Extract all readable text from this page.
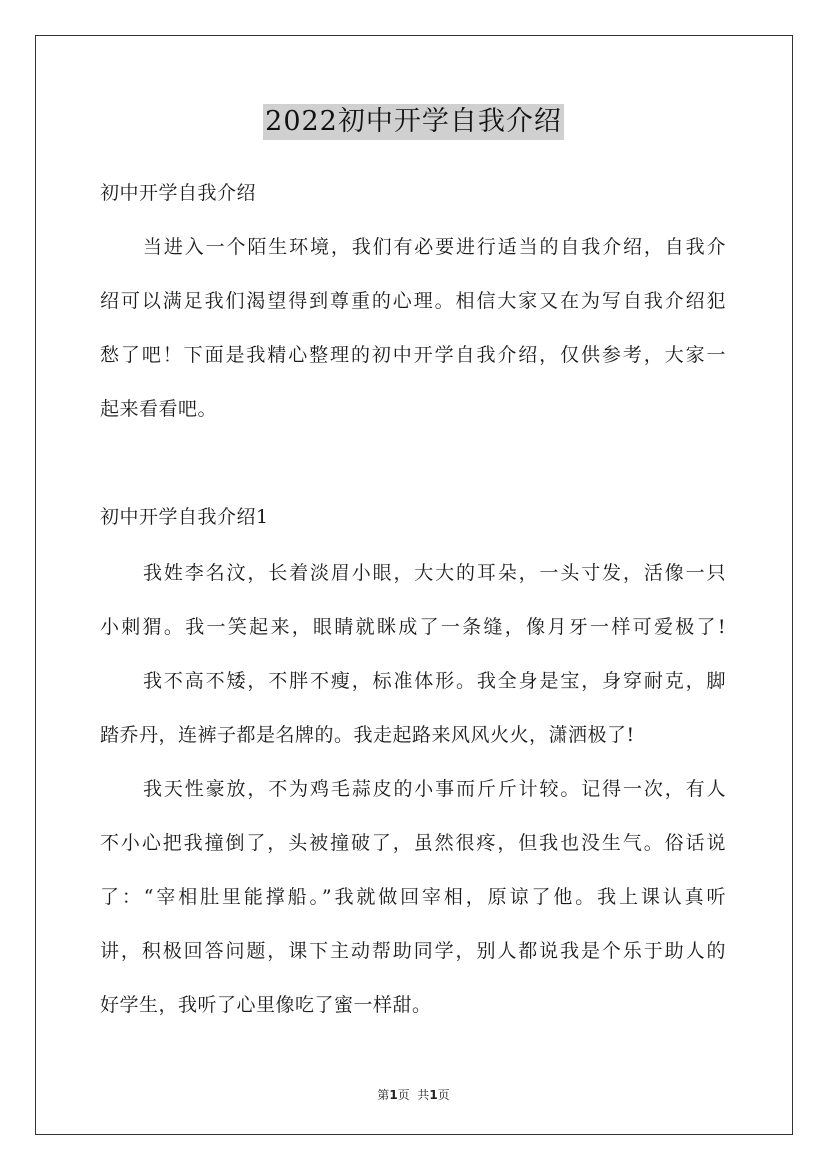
2022初中开学自我介绍
初中开学自我介绍
当进入一个陌生环境，我们有必要进行适当的自我介绍，自我介
绍可以满足我们渴望得到尊重的心理。相信大家又在为写自我介绍犯
愁了吧！下面是我精心整理的初中开学自我介绍，仅供参考，大家一
起来看看吧。
初中开学自我介绍1
我姓李名汶，长着淡眉小眼，大大的耳朵，一头寸发，活像一只
小刺猬。我一笑起来，眼睛就眯成了一条缝，像月牙一样可爱极了!
我不高不矮，不胖不瘦，标准体形。我全身是宝，身穿耐克，脚
踏乔丹，连裤子都是名牌的。我走起路来风风火火，潇洒极了!
我天性豪放，不为鸡毛蒜皮的小事而斤斤计较。记得一次，有人
不小心把我撞倒了，头被撞破了，虽然很疼，但我也没生气。俗话说
了：“宰相肚里能撑船。”我就做回宰相，原谅了他。我上课认真听
讲，积极回答问题，课下主动帮助同学，别人都说我是个乐于助人的
好学生，我听了心里像吃了蜜一样甜。
第1页  共1页
